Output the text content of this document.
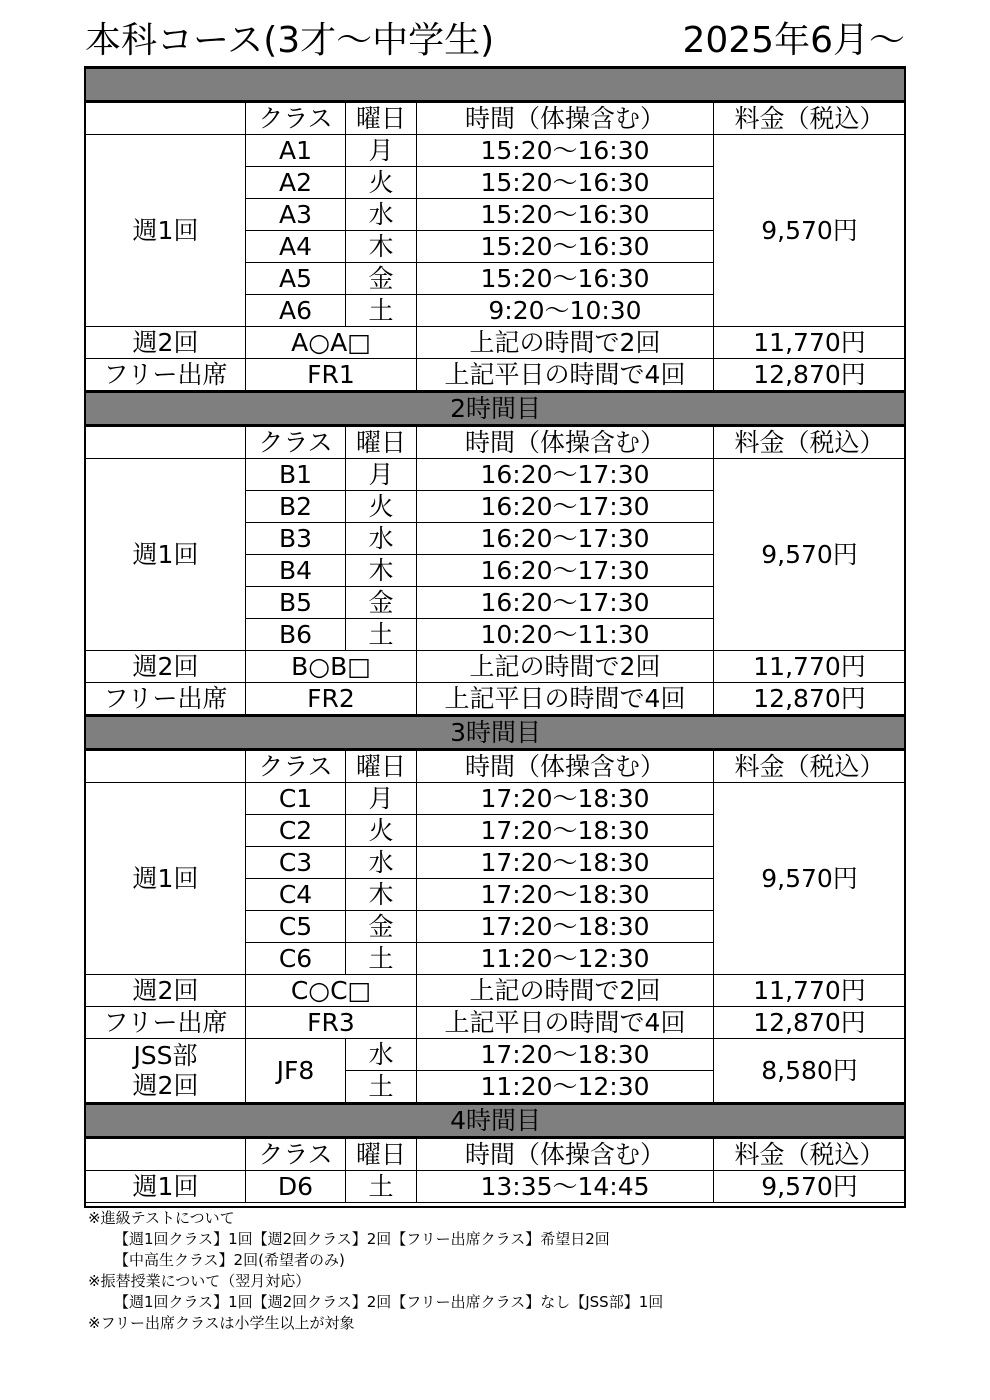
本科コース(3才〜中学生)	2025年6月〜

	クラス	曜日	時間（体操含む）	料金（税込）
週1回	A1	月	15:20〜16:30	9,570円
	A2	火	15:20〜16:30	
	A3	水	15:20〜16:30	
	A4	木	15:20〜16:30	
	A5	金	15:20〜16:30	
	A6	土	9:20〜10:30	
週2回	A○A□		上記の時間で2回	11,770円
フリー出席	FR1		上記平日の時間で4回	12,870円
2時間目				
	クラス	曜日	時間（体操含む）	料金（税込）
週1回	B1	月	16:20〜17:30	9,570円
	B2	火	16:20〜17:30	
	B3	水	16:20〜17:30	
	B4	木	16:20〜17:30	
	B5	金	16:20〜17:30	
	B6	土	10:20〜11:30	
週2回	B○B□		上記の時間で2回	11,770円
フリー出席	FR2		上記平日の時間で4回	12,870円
3時間目				
	クラス	曜日	時間（体操含む）	料金（税込）
週1回	C1	月	17:20〜18:30	9,570円
	C2	火	17:20〜18:30	
	C3	水	17:20〜18:30	
	C4	木	17:20〜18:30	
	C5	金	17:20〜18:30	
	C6	土	11:20〜12:30	
週2回	C○C□		上記の時間で2回	11,770円
フリー出席	FR3		上記平日の時間で4回	12,870円

JSS部
週2回	JF8	水	17:20〜18:30	8,580円
		土	11:20〜12:30	
4時間目				
	クラス	曜日	時間（体操含む）	料金（税込）
週1回	D6	土	13:35〜14:45	9,570円
※進級テストについて
【週1回クラス】1回【週2回クラス】2回【フリー出席クラス】希望日2回
【中高生クラス】2回(希望者のみ)
※振替授業について（翌月対応）
【週1回クラス】1回【週2回クラス】2回【フリー出席クラス】なし【JSS部】1回
※フリー出席クラスは小学生以上が対象
